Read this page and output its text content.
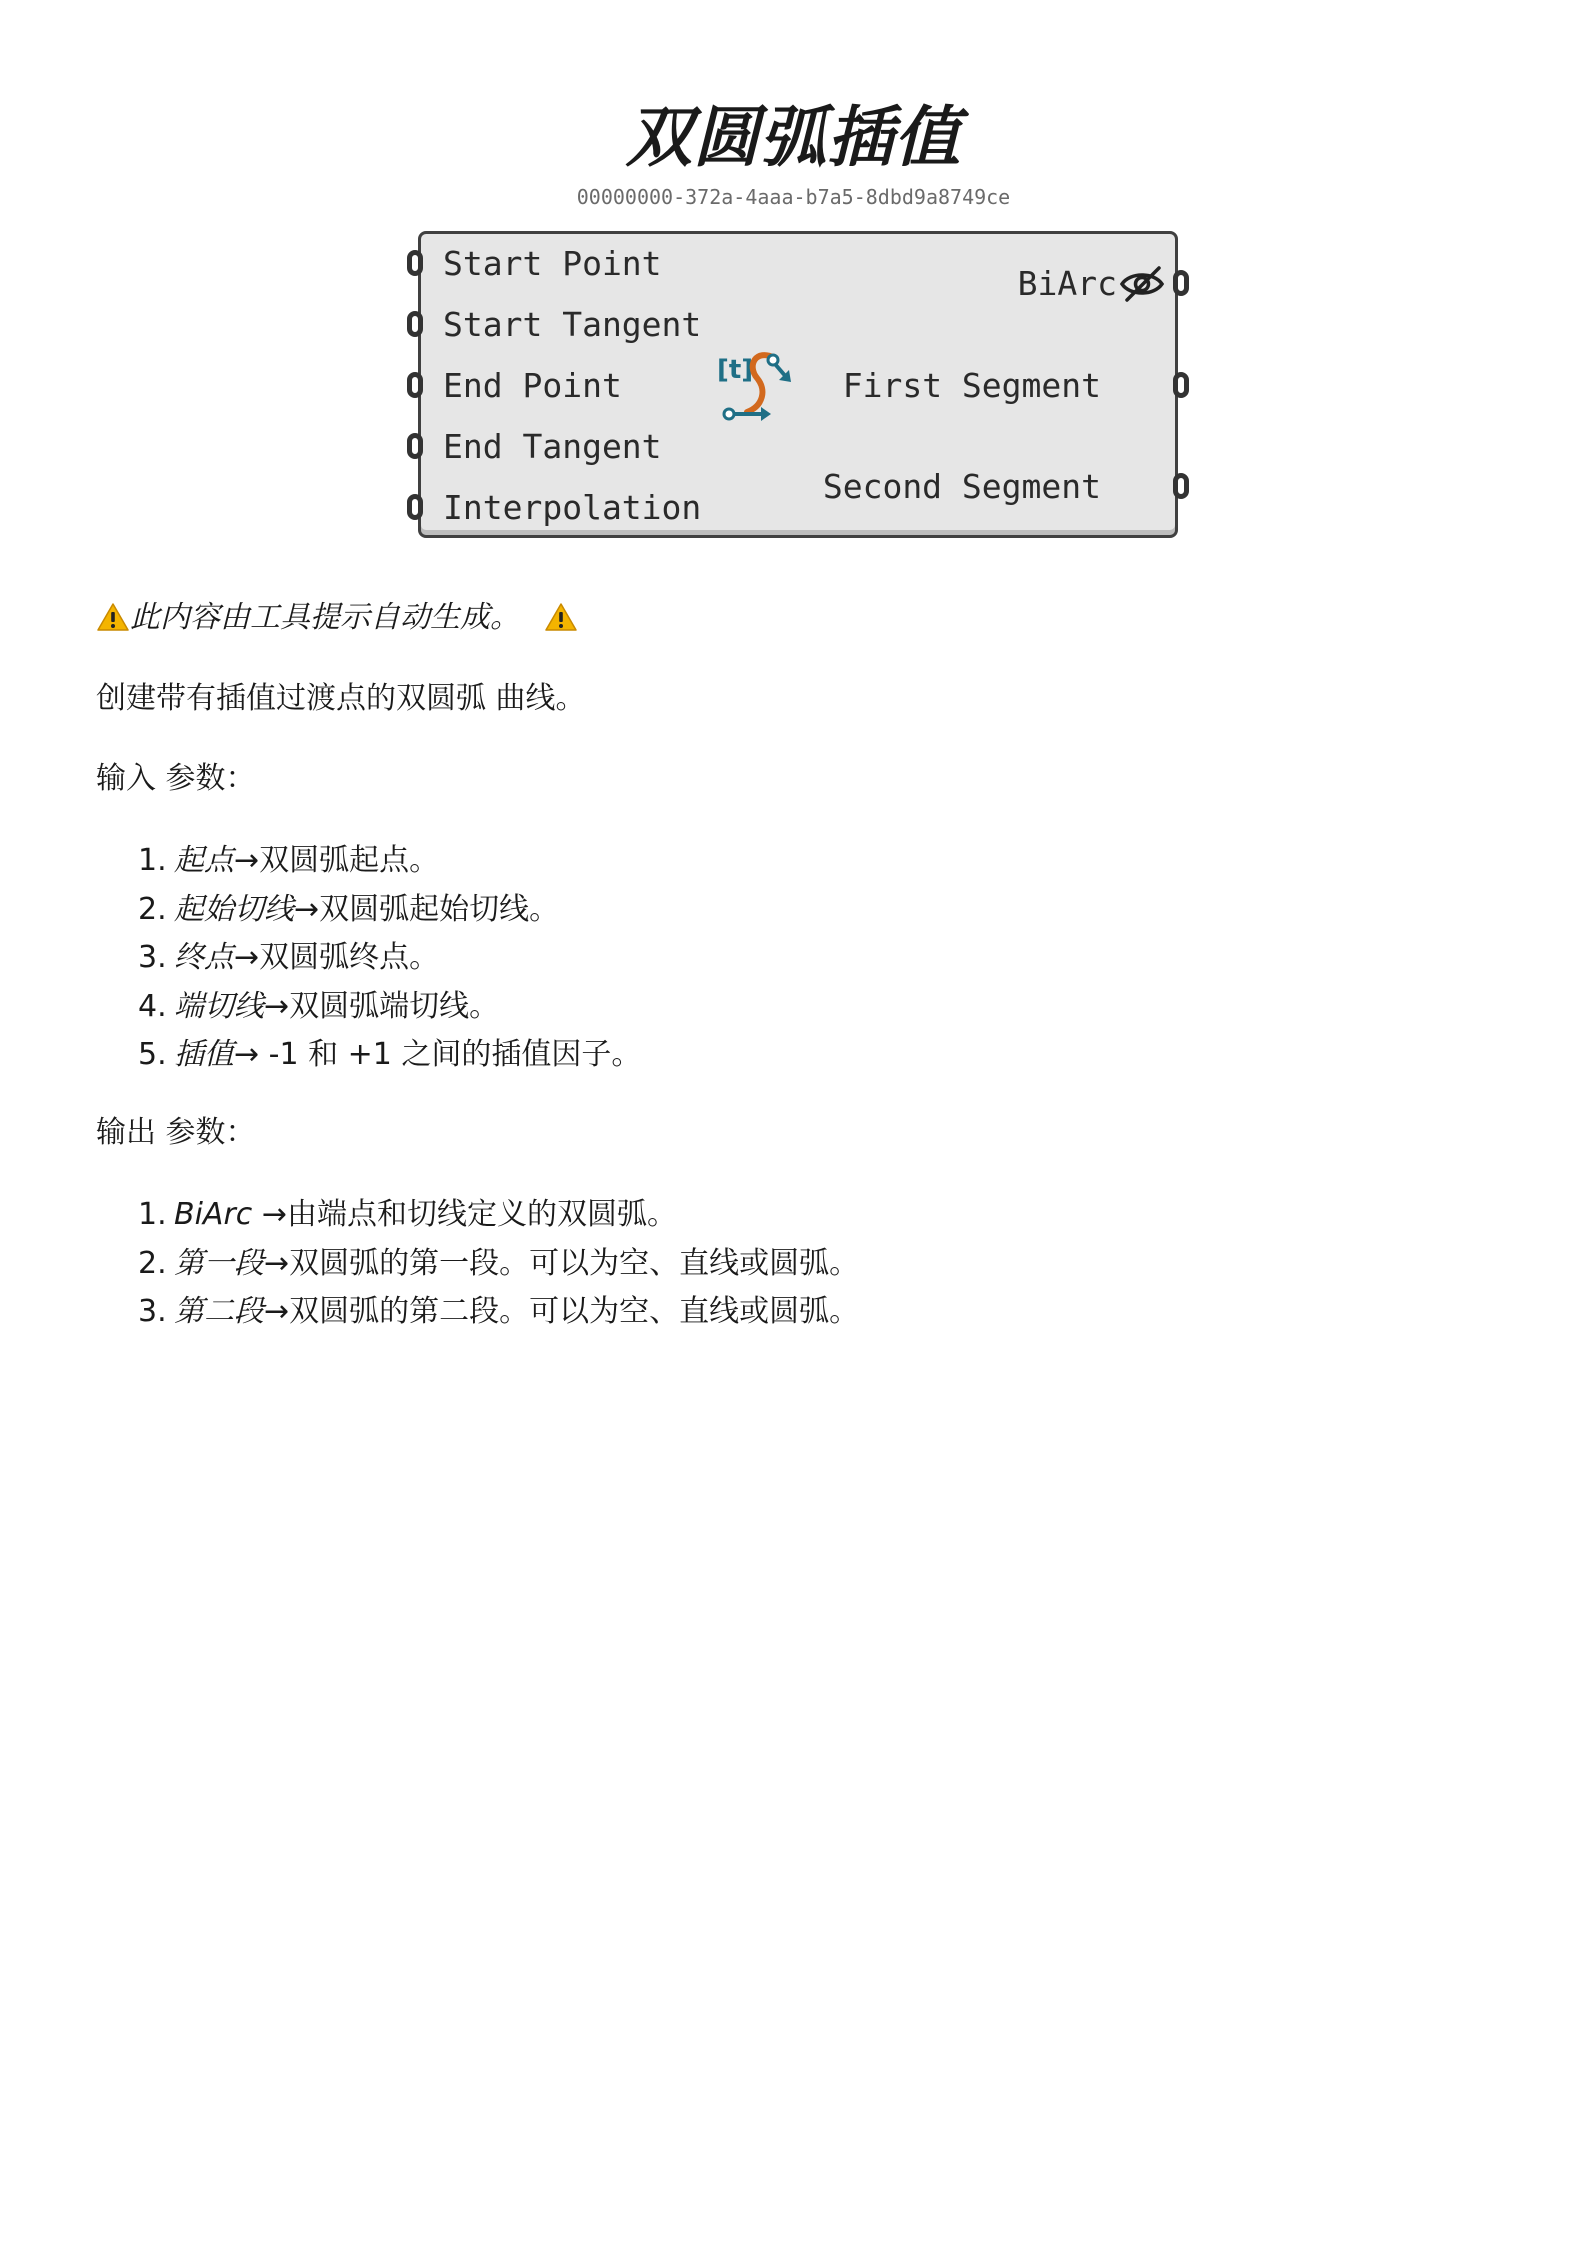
双圆弧插值
00000000-372a-4aaa-b7a5-8dbd9a8749ce
Start Point
Start Tangent
End Point
End Tangent
Interpolation
[t]
BiArc
First Segment
Second Segment
此内容由工具提示自动生成。
创建带有插值过渡点的双圆弧 曲线。
输入 参数：
1. 起点→双圆弧起点。
2. 起始切线→双圆弧起始切线。
3. 终点→双圆弧终点。
4. 端切线→双圆弧端切线。
5. 插值→ -1 和 +1 之间的插值因子。
输出 参数：
1. BiArc →由端点和切线定义的双圆弧。
2. 第一段→双圆弧的第一段。可以为空、直线或圆弧。
3. 第二段→双圆弧的第二段。可以为空、直线或圆弧。
